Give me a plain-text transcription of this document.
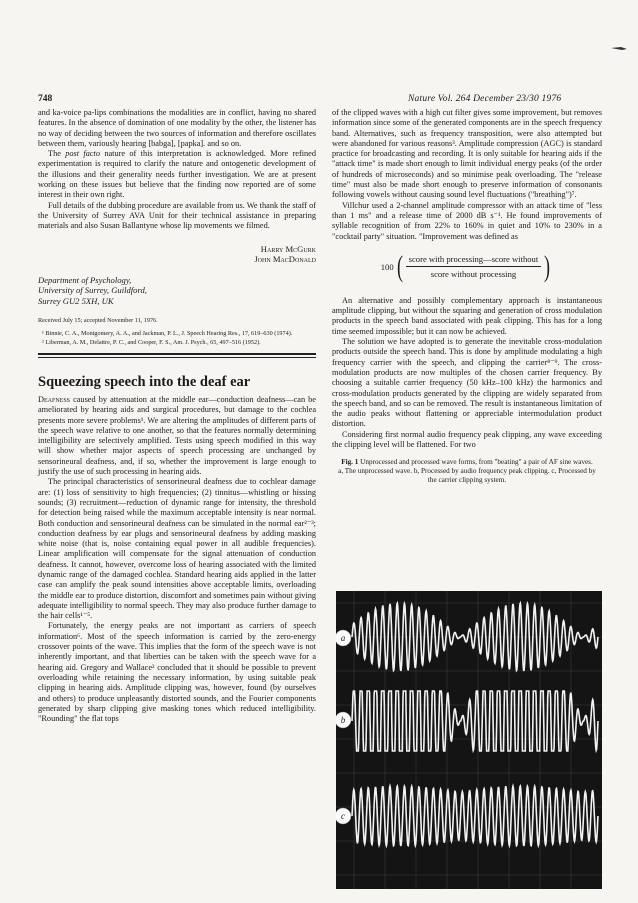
748	Nature Vol. 264 December 23/30 1976

and ka-voice pa-lips combinations the modalities are in conflict, having no shared features. In the absence of domination of one modality by the other, the listener has no way of deciding between the two sources of information and therefore oscillates between them, variously hearing [babga], [papka]. and so on.

The post facto nature of this interpretation is acknowledged. More refined experimentation is required to clarify the nature and ontogenetic development of the illusions and their generality needs further investigation. We are at present working on these issues but believe that the finding now reported are of some interest in their own right.

Full details of the dubbing procedure are available from us. We thank the staff of the University of Surrey AVA Unit for their technical assistance in preparing materials and also Susan Ballantyne whose lip movements we filmed.

Harry McGurk
John MacDonald
Department of Psychology,
University of Surrey, Guildford,
Surrey GU2 5XH, UK
Received July 15; accepted November 11, 1976.
¹ Binnie, C. A., Montgomery, A. A., and Jackman, P. L., J. Speech Hearing Res., 17, 619–630 (1974).
² Liberman, A. M., Delattre, P. C., and Cooper, F. S., Am. J. Psych., 65, 497–516 (1952).
Squeezing speech into the deaf ear

Deafness caused by attenuation at the middle ear—conduction deafness—can be ameliorated by hearing aids and surgical procedures, but damage to the cochlea presents more severe problems¹. We are altering the amplitudes of different parts of the speech wave relative to one another, so that the features normally determining intelligibility are selectively amplified. Tests using speech modified in this way will show whether major aspects of speech processing are unchanged by sensorineural deafness, and, if so, whether the improvement is large enough to justify the use of such processing in hearing aids.

The principal characteristics of sensorineural deafness due to cochlear damage are: (1) loss of sensitivity to high frequencies; (2) tinnitus—whistling or hissing sounds; (3) recruitment—reduction of dynamic range for intensity, the threshold for detection being raised while the maximum acceptable intensity is near normal. Both conduction and sensorineural deafness can be simulated in the normal ear²⁻³; conduction deafness by ear plugs and sensorineural deafness by adding masking white noise (that is, noise containing equal power in all audible frequencies). Linear amplification will compensate for the signal attenuation of conduction deafness. It cannot, however, overcome loss of hearing associated with the limited dynamic range of the damaged cochlea. Standard hearing aids applied in the latter case can amplify the peak sound intensities above acceptable limits, overloading the middle ear to produce distortion, discomfort and sometimes pain without giving adequate intelligibility to normal speech. They may also produce further damage to the hair cells¹⁻⁵.

Fortunately, the energy peaks are not important as carriers of speech information⁶. Most of the speech information is carried by the zero-energy crossover points of the wave. This implies that the form of the speech wave is not inherently important, and that liberties can be taken with the speech wave for a hearing aid. Gregory and Wallace² concluded that it should be possible to prevent overloading while retaining the necessary information, by using suitable peak clipping in hearing aids. Amplitude clipping was, however, found (by ourselves and others) to produce unpleasantly distorted sounds, and the Fourier components generated by sharp clipping give masking tones which reduced intelligibility. "Rounding" the flat tops

of the clipped waves with a high cut filter gives some improvement, but removes information since some of the generated components are in the speech frequency band. Alternatives, such as frequency transposition, were also attempted but were abandoned for various reasons³. Amplitude compression (AGC) is standard practice for broadcasting and recording. It is only suitable for hearing aids if the "attack time" is made short enough to limit individual energy peaks (of the order of hundreds of microseconds) and so minimise peak overloading. The "release time" must also be made short enough to preserve information of consonants following vowels without causing sound level fluctuations ("breathing")⁷.

Villchur used a 2-channel amplitude compressor with an attack time of "less than 1 ms" and a release time of 2000 dB s⁻¹. He found improvements of syllable recognition of from 22% to 160% in quiet and 10% to 230% in a "cocktail party" situation. "Improvement was defined as

100 ( $\frac{\text{score with processing—score without}}{\text{score without processing}}$ )

An alternative and possibly complementary approach is instantaneous amplitude clipping, but without the squaring and generation of cross modulation products in the speech band associated with peak clipping. This has for a long time seemed impossible; but it can now be achieved.

The solution we have adopted is to generate the inevitable cross-modulation products outside the speech band. This is done by amplitude modulating a high frequency carrier with the speech, and clipping the carrier⁸⁻⁹. The cross-modulation products are now multiples of the chosen carrier frequency. By choosing a suitable carrier frequency (50 kHz–100 kHz) the harmonics and cross-modulation products generated by the clipping are widely separated from the speech band, and so can be removed. The result is instantaneous limitation of the audio peaks without flattening or appreciable intermodulation product distortion.

Considering first normal audio frequency peak clipping, any wave exceeding the clipping level will be flattened. For two

Fig. 1 Unprocessed and processed wave forms, from "beating" a pair of AF sine waves. a, The unprocessed wave. b, Processed by audio frequency peak clipping. c, Processed by the carrier clipping system.
a
b
c
